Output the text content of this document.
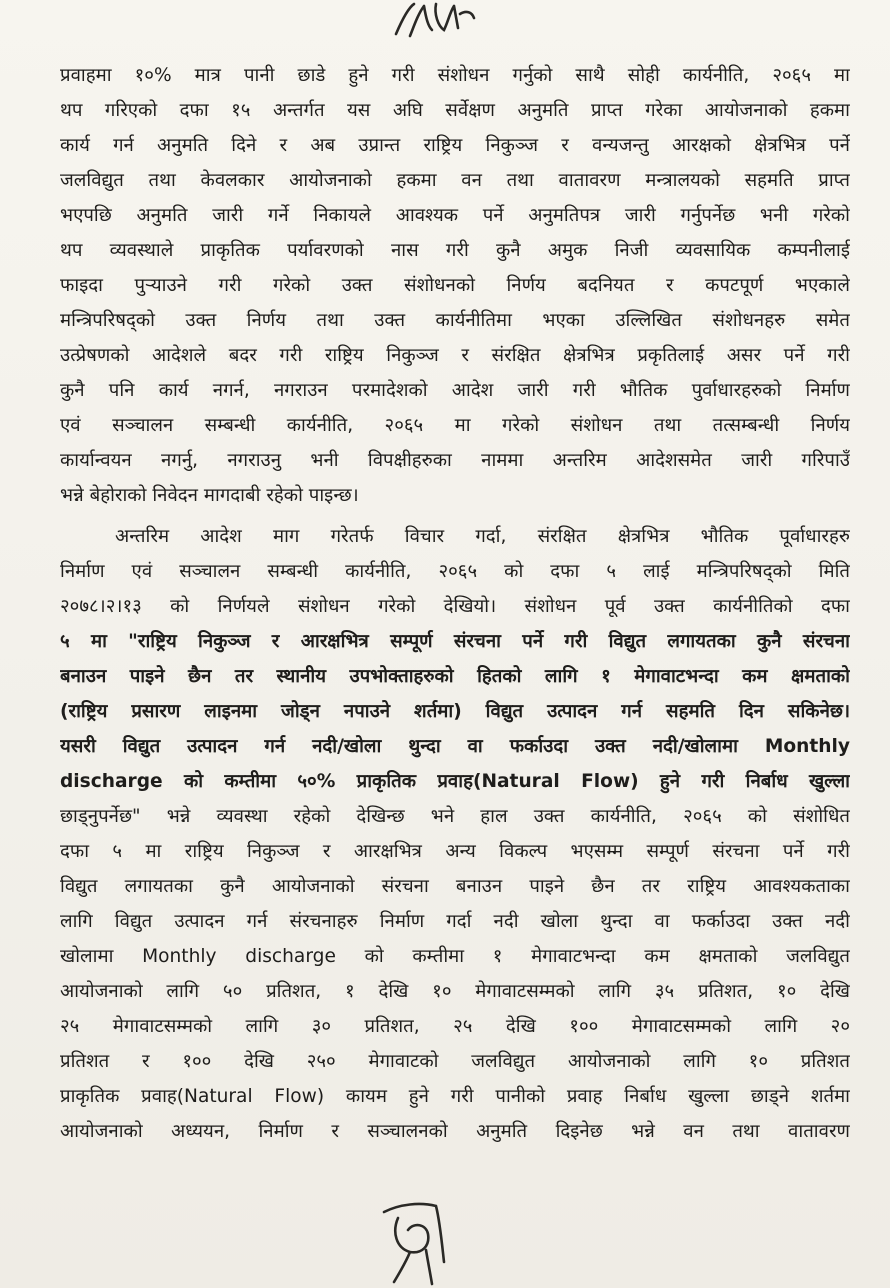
प्रवाहमा १०% मात्र पानी छाडे हुने गरी संशोधन गर्नुको साथै सोही कार्यनीति, २०६५ मा
थप गरिएको दफा १५ अन्तर्गत यस अघि सर्वेक्षण अनुमति प्राप्त गरेका आयोजनाको हकमा
कार्य गर्न अनुमति दिने र अब उप्रान्त राष्ट्रिय निकुञ्ज र वन्यजन्तु आरक्षको क्षेत्रभित्र पर्ने
जलविद्युत तथा केवलकार आयोजनाको हकमा वन तथा वातावरण मन्त्रालयको सहमति प्राप्त
भएपछि अनुमति जारी गर्ने निकायले आवश्यक पर्ने अनुमतिपत्र जारी गर्नुपर्नेछ भनी गरेको
थप व्यवस्थाले प्राकृतिक पर्यावरणको नास गरी कुनै अमुक निजी व्यवसायिक कम्पनीलाई
फाइदा पुऱ्याउने गरी गरेको उक्त संशोधनको निर्णय बदनियत र कपटपूर्ण भएकाले
मन्त्रिपरिषद्को उक्त निर्णय तथा उक्त कार्यनीतिमा भएका उल्लिखित संशोधनहरु समेत
उत्प्रेषणको आदेशले बदर गरी राष्ट्रिय निकुञ्ज र संरक्षित क्षेत्रभित्र प्रकृतिलाई असर पर्ने गरी
कुनै पनि कार्य नगर्न, नगराउन परमादेशको आदेश जारी गरी भौतिक पुर्वाधारहरुको निर्माण
एवं सञ्चालन सम्बन्धी कार्यनीति, २०६५ मा गरेको संशोधन तथा तत्सम्बन्धी निर्णय
कार्यान्वयन नगर्नु, नगराउनु भनी विपक्षीहरुका नाममा अन्तरिम आदेशसमेत जारी गरिपाउँ
भन्ने बेहोराको निवेदन मागदाबी रहेको पाइन्छ।
अन्तरिम आदेश माग गरेतर्फ विचार गर्दा, संरक्षित क्षेत्रभित्र भौतिक पूर्वाधारहरु
निर्माण एवं सञ्चालन सम्बन्धी कार्यनीति, २०६५ को दफा ५ लाई मन्त्रिपरिषद्को मिति
२०७८।२।१३ को निर्णयले संशोधन गरेको देखियो। संशोधन पूर्व उक्त कार्यनीतिको दफा
५ मा "राष्ट्रिय निकुञ्ज र आरक्षभित्र सम्पूर्ण संरचना पर्ने गरी विद्युत लगायतका कुनै संरचना
बनाउन पाइने छैन तर स्थानीय उपभोक्ताहरुको हितको लागि १ मेगावाटभन्दा कम क्षमताको
(राष्ट्रिय प्रसारण लाइनमा जोड्न नपाउने शर्तमा) विद्युत उत्पादन गर्न सहमति दिन सकिनेछ।
यसरी विद्युत उत्पादन गर्न नदी/खोला थुन्दा वा फर्काउदा उक्त नदी/खोलामा Monthly
discharge को कम्तीमा ५०% प्राकृतिक प्रवाह(Natural Flow) हुने गरी निर्बाध खुल्ला
छाड्नुपर्नेछ" भन्ने व्यवस्था रहेको देखिन्छ भने हाल उक्त कार्यनीति, २०६५ को संशोधित
दफा ५ मा राष्ट्रिय निकुञ्ज र आरक्षभित्र अन्य विकल्प भएसम्म सम्पूर्ण संरचना पर्ने गरी
विद्युत लगायतका कुनै आयोजनाको संरचना बनाउन पाइने छैन तर राष्ट्रिय आवश्यकताका
लागि विद्युत उत्पादन गर्न संरचनाहरु निर्माण गर्दा नदी खोला थुन्दा वा फर्काउदा उक्त नदी
खोलामा Monthly discharge को कम्तीमा १ मेगावाटभन्दा कम क्षमताको जलविद्युत
आयोजनाको लागि ५० प्रतिशत, १ देखि १० मेगावाटसम्मको लागि ३५ प्रतिशत, १० देखि
२५ मेगावाटसम्मको लागि ३० प्रतिशत, २५ देखि १०० मेगावाटसम्मको लागि २०
प्रतिशत र १०० देखि २५० मेगावाटको जलविद्युत आयोजनाको लागि १० प्रतिशत
प्राकृतिक प्रवाह(Natural Flow) कायम हुने गरी पानीको प्रवाह निर्बाध खुल्ला छाड्ने शर्तमा
आयोजनाको अध्ययन, निर्माण र सञ्चालनको अनुमति दिइनेछ भन्ने वन तथा वातावरण
